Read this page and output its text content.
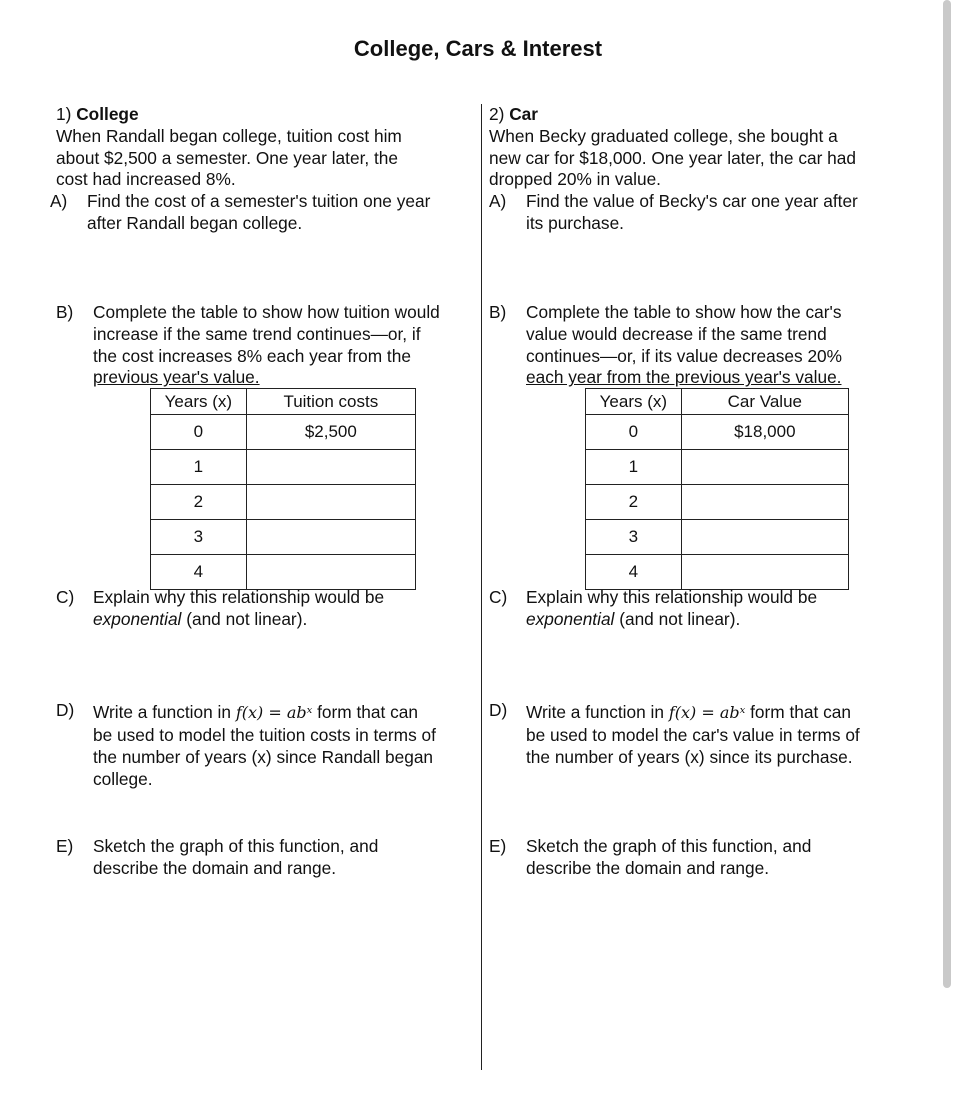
College, Cars & Interest

1) College

When Randall began college, tuition cost him

about $2,500 a semester. One year later, the

cost had increased 8%.

A)	Find the cost of a semester's tuition one year

after Randall began college.

B)	Complete the table to show how tuition would

increase if the same trend continues—or, if

the cost increases 8% each year from the

previous year's value.

Years (x)	Tuition costs
0	$2,500
1	
2	
3	
4	
C)	Explain why this relationship would be

exponential (and not linear).

D)	Write a function in f(x) = abˣ form that can

be used to model the tuition costs in terms of

the number of years (x) since Randall began

college.

E)	Sketch the graph of this function, and

describe the domain and range.

2) Car

When Becky graduated college, she bought a

new car for $18,000. One year later, the car had

dropped 20% in value.

A)	Find the value of Becky's car one year after

its purchase.

B)	Complete the table to show how the car's

value would decrease if the same trend

continues—or, if its value decreases 20%

each year from the previous year's value.

Years (x)	Car Value
0	$18,000
1	
2	
3	
4	
C)	Explain why this relationship would be

exponential (and not linear).

D)	Write a function in f(x) = abˣ form that can

be used to model the car's value in terms of

the number of years (x) since its purchase.

E)	Sketch the graph of this function, and

describe the domain and range.
